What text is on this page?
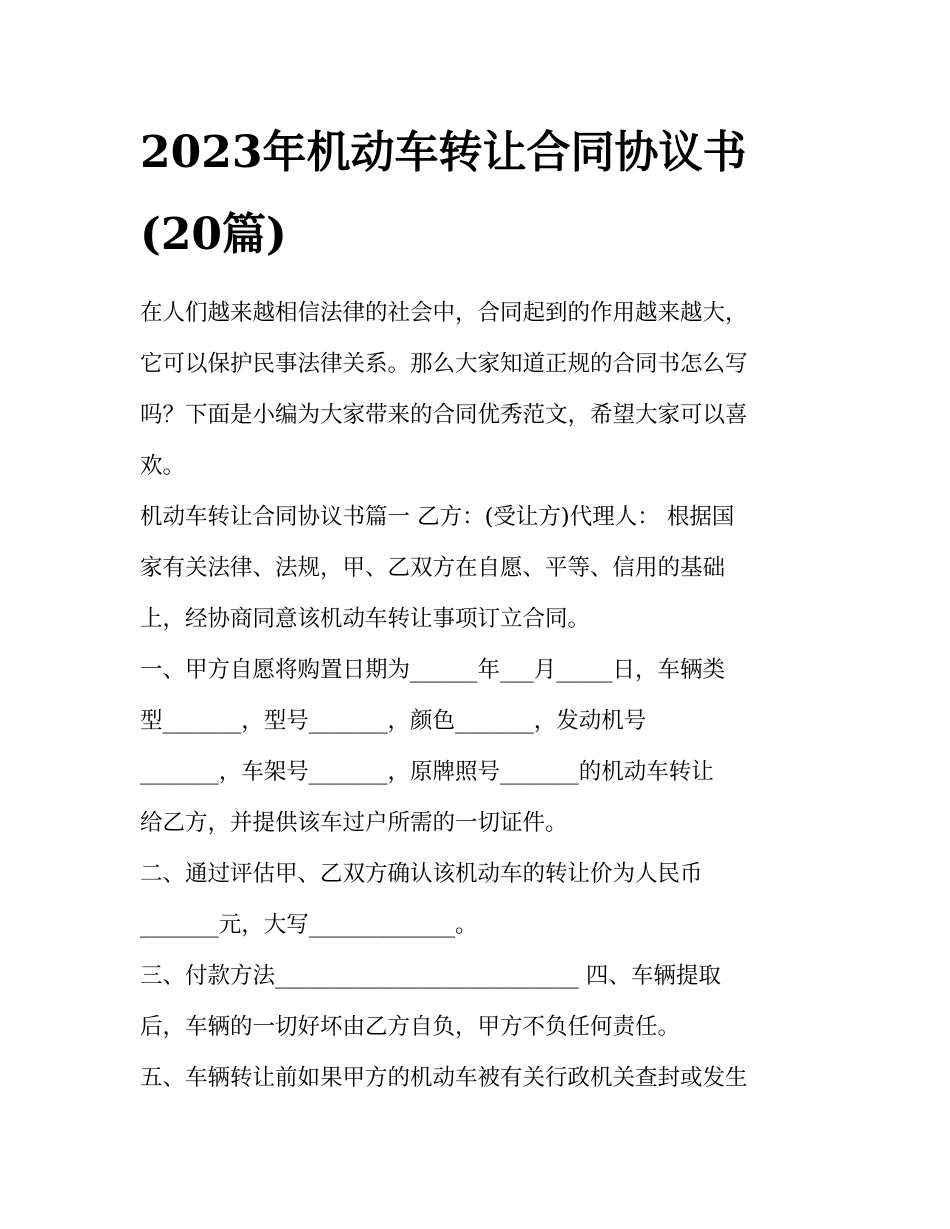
2023年机动车转让合同协议书
(20篇)

在人们越来越相信法律的社会中，合同起到的作用越来越大，
它可以保护民事法律关系。那么大家知道正规的合同书怎么写
吗？下面是小编为大家带来的合同优秀范文，希望大家可以喜
欢。

机动车转让合同协议书篇一 乙方：(受让方)代理人： 根据国
家有关法律、法规，甲、乙双方在自愿、平等、信用的基础
上，经协商同意该机动车转让事项订立合同。

一、甲方自愿将购置日期为______年___月_____日，车辆类
型_______，型号_______，颜色_______，发动机号
_______，车架号_______，原牌照号_______的机动车转让
给乙方，并提供该车过户所需的一切证件。

二、通过评估甲、乙双方确认该机动车的转让价为人民币
_______元，大写_____________。

三、付款方法___________________________ 四、车辆提取
后，车辆的一切好坏由乙方自负，甲方不负任何责任。

五、车辆转让前如果甲方的机动车被有关行政机关查封或发生
